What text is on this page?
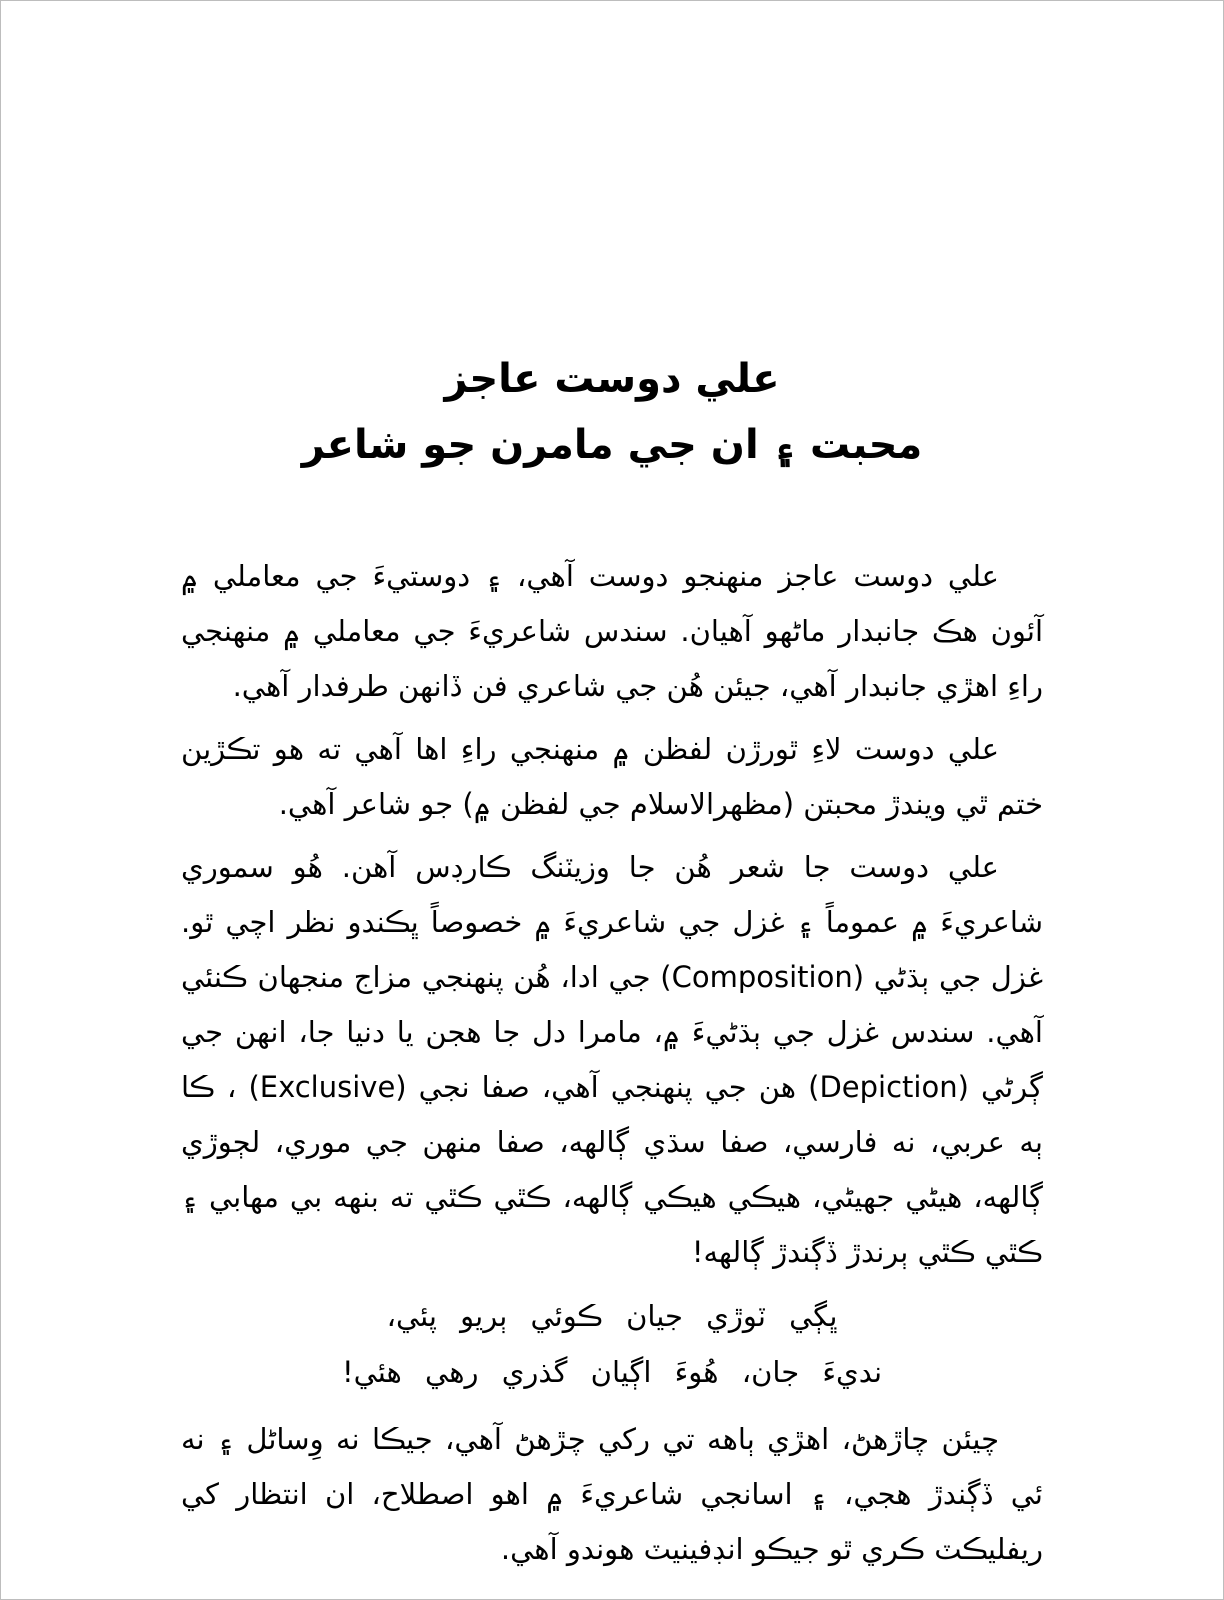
علي دوست عاجز

محبت ۽ ان جي مامرن جو شاعر

علي دوست عاجز منهنجو دوست آهي، ۽ دوستيءَ جي معاملي ۾ آئون هڪ جانبدار ماڻهو آهيان. سندس شاعريءَ جي معاملي ۾ منهنجي راءِ اهڙي جانبدار آهي، جيئن هُن جي شاعري فن ڏانهن طرفدار آهي.

علي دوست لاءِ ٿورڙن لفظن ۾ منهنجي راءِ اها آهي ته هو تڪڙين ختم ٿي ويندڙ محبتن (مظهرالاسلام جي لفظن ۾) جو شاعر آهي.

علي دوست جا شعر هُن جا وزيٽنگ ڪارڊس آهن. هُو سموري شاعريءَ ۾ عموماً ۽ غزل جي شاعريءَ ۾ خصوصاً ڀڪندو نظر اچي ٿو. غزل جي ٻڌڻي (Composition) جي ادا، هُن پنهنجي مزاج منجهان ڪنئي آهي. سندس غزل جي ٻڌڻيءَ ۾، مامرا دل جا هجن يا دنيا جا، انهن جي ڳرڻي (Depiction) هن جي پنهنجي آهي، صفا نجي (Exclusive) ، ڪا ٻه عربي، نه فارسي، صفا سڌي ڳالهه، صفا منهن جي موري، لڄوڙي ڳالهه، هيڻي جهيڻي، هيڪي هيڪي ڳالهه، ڪٿي ڪٿي ته بنهه بي مهابي ۽ ڪٿي ڪٿي ٻرندڙ ڏڳندڙ ڳالهه!

ڀڳي ٽوڙي جيان ڪوئي ٻريو پئي،
نديءَ جان، هُوءَ اڳيان گذري رهي هئي!

چيئن چاڙهڻ، اهڙي ٻاهه تي رکي چڙهڻ آهي، جيڪا نه وِساڻل ۽ نه ئي ڏڳندڙ هجي، ۽ اسانجي شاعريءَ ۾ اهو اصطلاح، ان انتظار کي ريفليڪٽ ڪري ٿو جيڪو انڊفينيٽ هوندو آهي.
